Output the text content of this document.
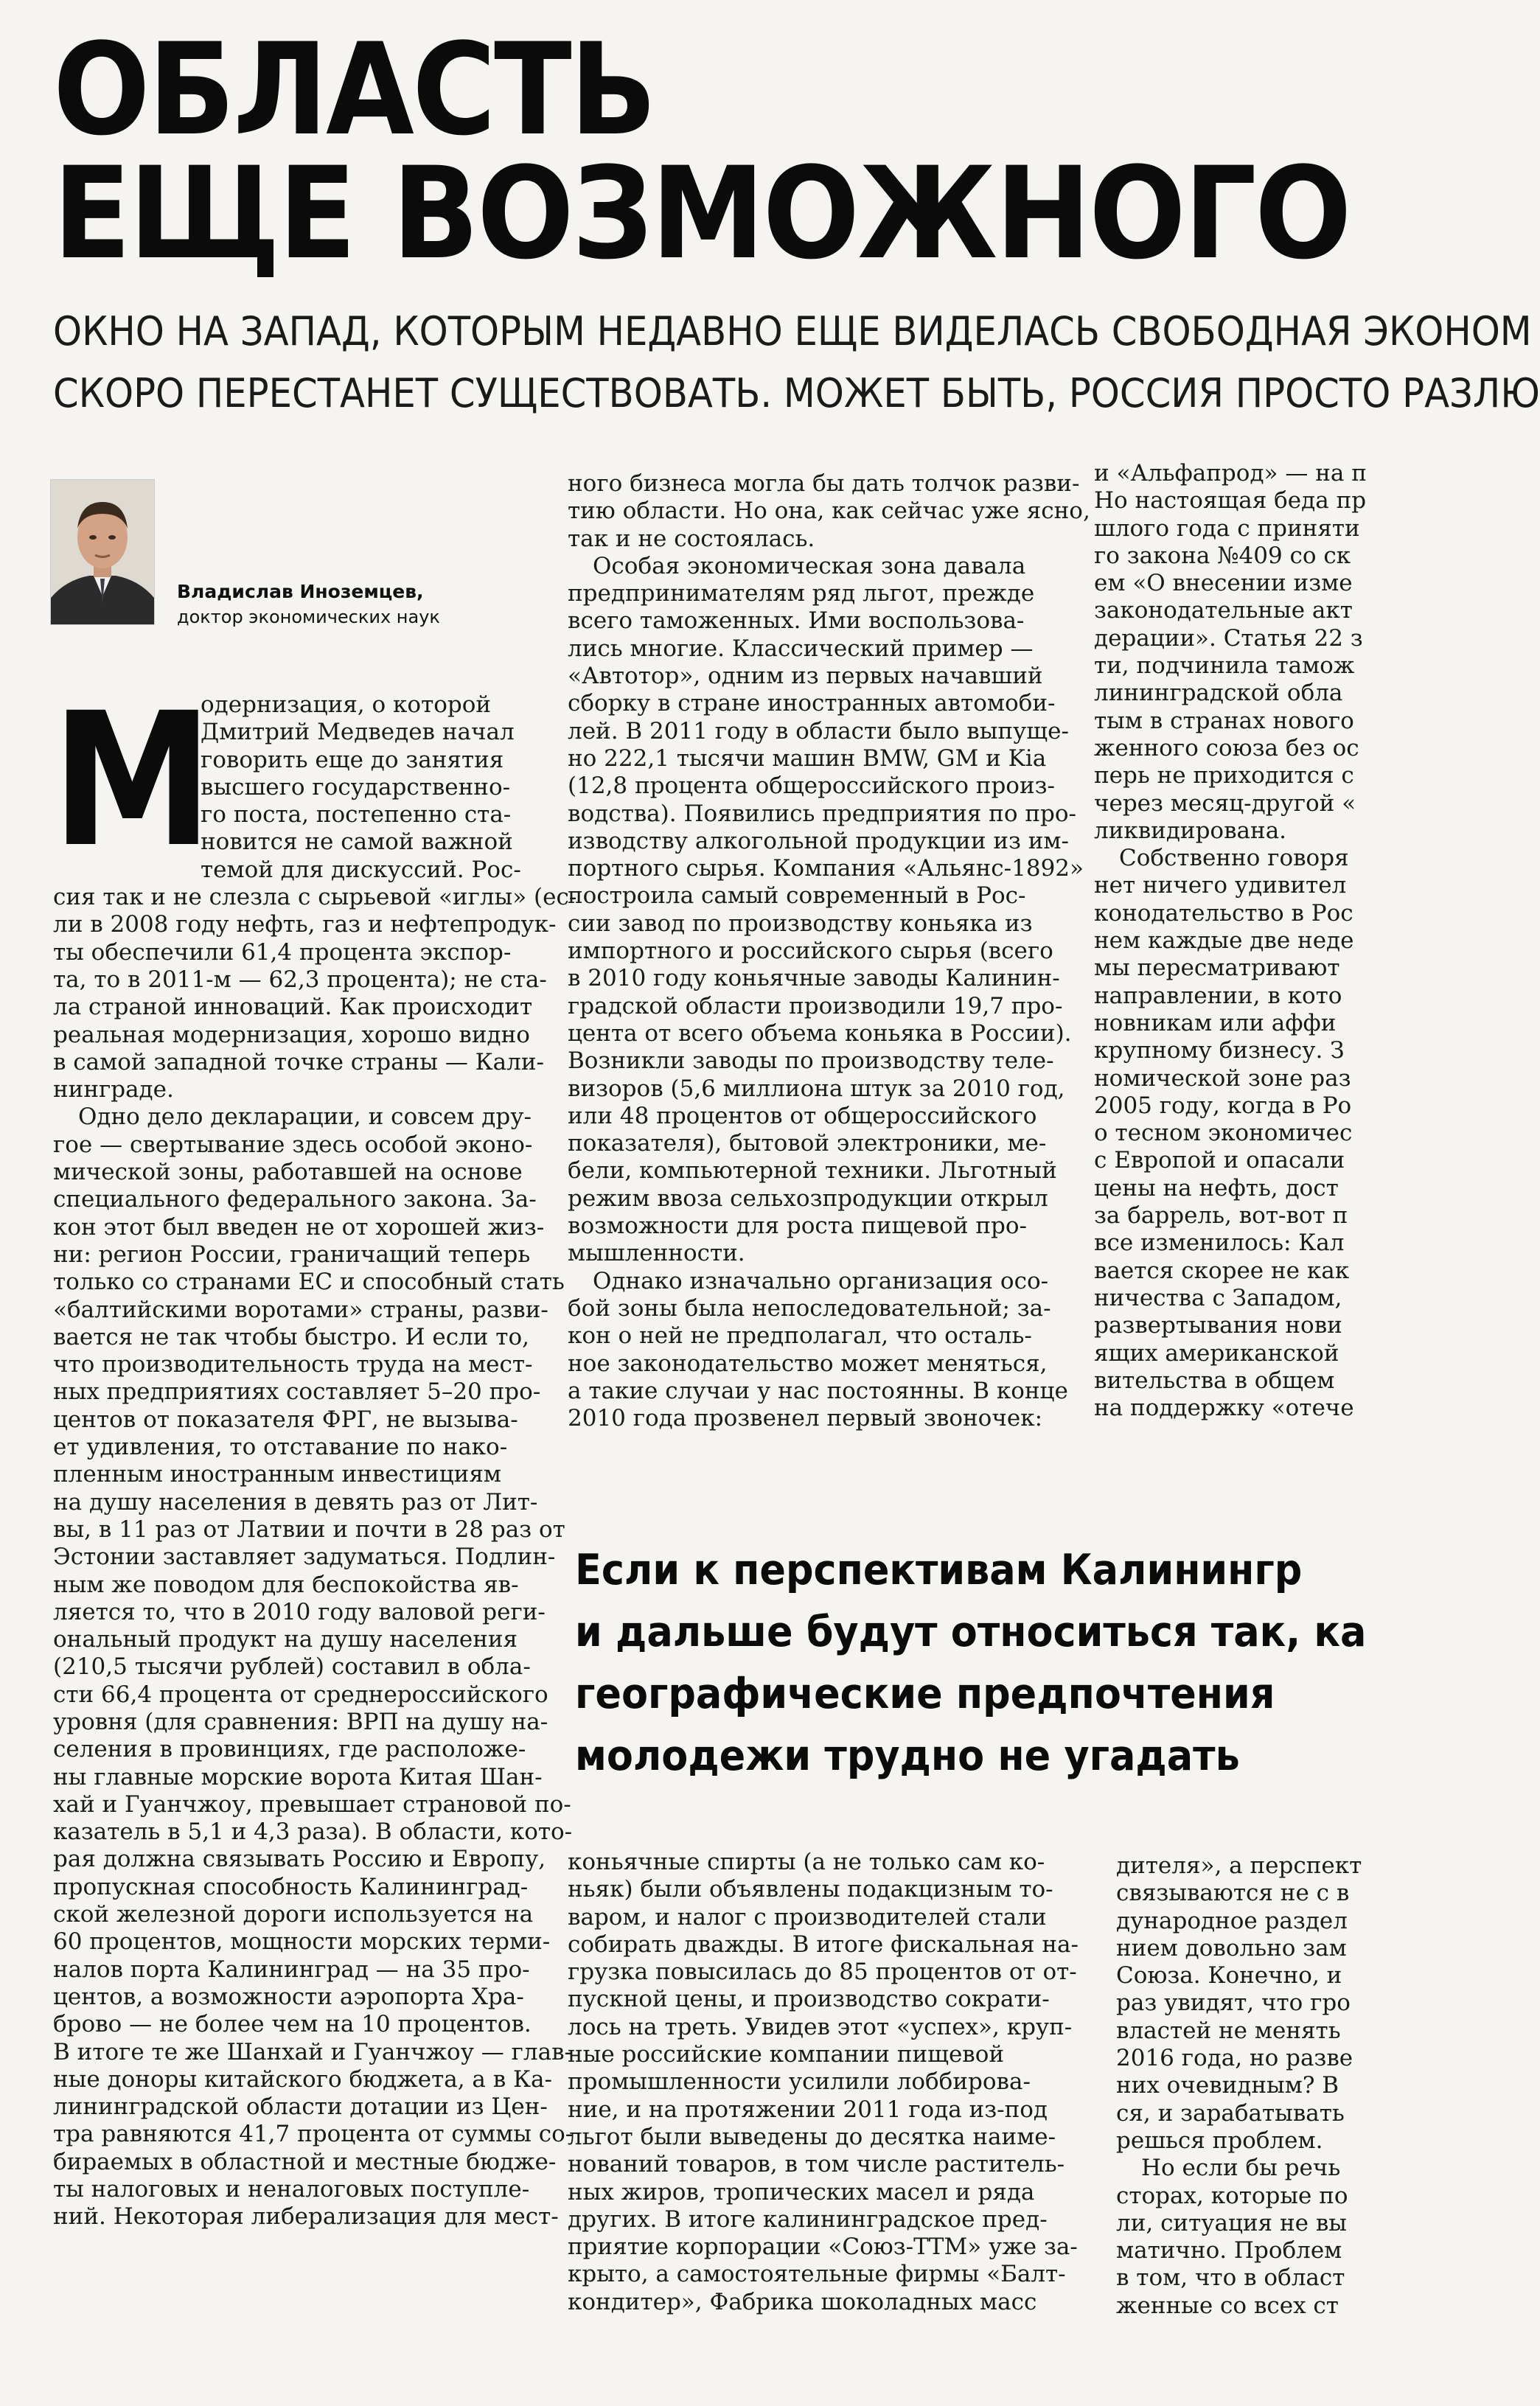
ОБЛАСТЬ
ЕЩЕ ВОЗМОЖНОГО
ОКНО НА ЗАПАД, КОТОРЫМ НЕДАВНО ЕЩЕ ВИДЕЛАСЬ СВОБОДНАЯ ЭКОНОМ
СКОРО ПЕРЕСТАНЕТ СУЩЕСТВОВАТЬ. МОЖЕТ БЫТЬ, РОССИЯ ПРОСТО РАЗЛЮ
Владислав Иноземцев,
доктор экономических наук
М
одернизация, о которой
Дмитрий Медведев начал
говорить еще до занятия
высшего государственно-
го поста, постепенно ста-
новится не самой важной
темой для дискуссий. Рос-
сия так и не слезла с сырьевой «иглы» (ес-
ли в 2008 году нефть, газ и нефтепродук-
ты обеспечили 61,4 процента экспор-
та, то в 2011-м — 62,3 процента); не ста-
ла страной инноваций. Как происходит
реальная модернизация, хорошо видно
в самой западной точке страны — Кали-
нинграде.
Одно дело декларации, и совсем дру-
гое — свертывание здесь особой эконо-
мической зоны, работавшей на основе
специального федерального закона. За-
кон этот был введен не от хорошей жиз-
ни: регион России, граничащий теперь
только со странами ЕС и способный стать
«балтийскими воротами» страны, разви-
вается не так чтобы быстро. И если то,
что производительность труда на мест-
ных предприятиях составляет 5–20 про-
центов от показателя ФРГ, не вызыва-
ет удивления, то отставание по нако-
пленным иностранным инвестициям
на душу населения в девять раз от Лит-
вы, в 11 раз от Латвии и почти в 28 раз от
Эстонии заставляет задуматься. Подлин-
ным же поводом для беспокойства яв-
ляется то, что в 2010 году валовой реги-
ональный продукт на душу населения
(210,5 тысячи рублей) составил в обла-
сти 66,4 процента от среднероссийского
уровня (для сравнения: ВРП на душу на-
селения в провинциях, где расположе-
ны главные морские ворота Китая Шан-
хай и Гуанчжоу, превышает страновой по-
казатель в 5,1 и 4,3 раза). В области, кото-
рая должна связывать Россию и Европу,
пропускная способность Калининград-
ской железной дороги используется на
60 процентов, мощности морских терми-
налов порта Калининград — на 35 про-
центов, а возможности аэропорта Хра-
брово — не более чем на 10 процентов.
В итоге те же Шанхай и Гуанчжоу — глав-
ные доноры китайского бюджета, а в Ка-
лининградской области дотации из Цен-
тра равняются 41,7 процента от суммы со-
бираемых в областной и местные бюдже-
ты налоговых и неналоговых поступле-
ний. Некоторая либерализация для мест-
ного бизнеса могла бы дать толчок разви-
тию области. Но она, как сейчас уже ясно,
так и не состоялась.
Особая экономическая зона давала
предпринимателям ряд льгот, прежде
всего таможенных. Ими воспользова-
лись многие. Классический пример —
«Автотор», одним из первых начавший
сборку в стране иностранных автомоби-
лей. В 2011 году в области было выпуще-
но 222,1 тысячи машин BMW, GM и Kia
(12,8 процента общероссийского произ-
водства). Появились предприятия по про-
изводству алкогольной продукции из им-
портного сырья. Компания «Альянс-1892»
построила самый современный в Рос-
сии завод по производству коньяка из
импортного и российского сырья (всего
в 2010 году коньячные заводы Калинин-
градской области производили 19,7 про-
цента от всего объема коньяка в России).
Возникли заводы по производству теле-
визоров (5,6 миллиона штук за 2010 год,
или 48 процентов от общероссийского
показателя), бытовой электроники, ме-
бели, компьютерной техники. Льготный
режим ввоза сельхозпродукции открыл
возможности для роста пищевой про-
мышленности.
Однако изначально организация осо-
бой зоны была непоследовательной; за-
кон о ней не предполагал, что осталь-
ное законодательство может меняться,
а такие случаи у нас постоянны. В конце
2010 года прозвенел первый звоночек:
и «Альфапрод» — на п
Но настоящая беда пр
шлого года с приняти
го закона №409 со ск
ем «О внесении изме
законодательные акт
дерации». Статья 22 з
ти, подчинила тамож
лининградской обла
тым в странах нового
женного союза без ос
перь не приходится с
через месяц-другой «
ликвидирована.
Собственно говоря
нет ничего удивител
конодательство в Рос
нем каждые две неде
мы пересматривают
направлении, в кото
новникам или аффи
крупному бизнесу. З
номической зоне раз
2005 году, когда в Ро
о тесном экономичес
с Европой и опасали
цены на нефть, дост
за баррель, вот-вот п
все изменилось: Кал
вается скорее не как
ничества с Западом,
развертывания нови
ящих американской
вительства в общем
на поддержку «отече
Если к перспективам Калинингр
и дальше будут относиться так, ка
географические предпочтения
молодежи трудно не угадать
коньячные спирты (а не только сам ко-
ньяк) были объявлены подакцизным то-
варом, и налог с производителей стали
собирать дважды. В итоге фискальная на-
грузка повысилась до 85 процентов от от-
пускной цены, и производство сократи-
лось на треть. Увидев этот «успех», круп-
ные российские компании пищевой
промышленности усилили лоббирова-
ние, и на протяжении 2011 года из-под
льгот были выведены до десятка наиме-
нований товаров, в том числе раститель-
ных жиров, тропических масел и ряда
других. В итоге калининградское пред-
приятие корпорации «Союз-ТТМ» уже за-
крыто, а самостоятельные фирмы «Балт-
кондитер», Фабрика шоколадных масс
дителя», а перспект
связываются не с в
дународное раздел
нием довольно зам
Союза. Конечно, и
раз увидят, что гро
властей не менять
2016 года, но разве
них очевидным? В
ся, и зарабатывать
решься проблем.
Но если бы речь
сторах, которые по
ли, ситуация не вы
матично. Проблем
в том, что в област
женные со всех ст
